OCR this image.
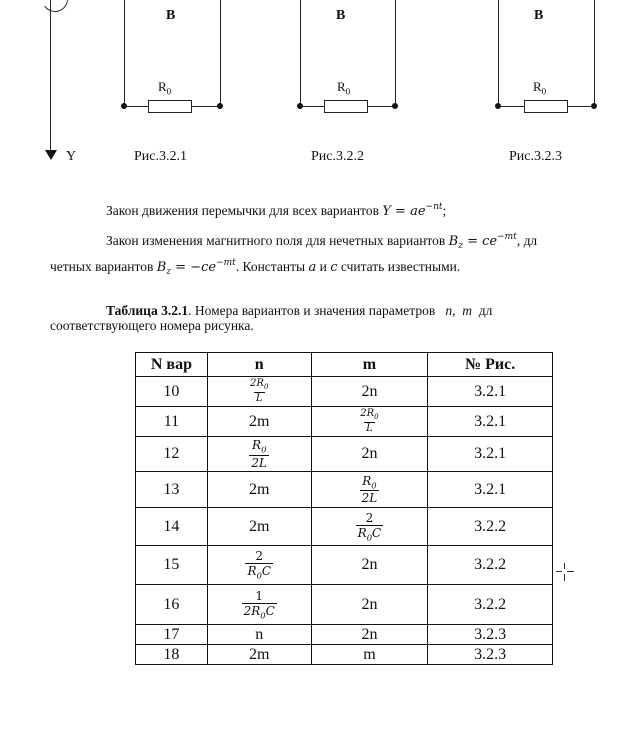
Y
B
$R_0$
Рис.3.2.1
B
$R_0$
Рис.3.2.2
B
$R_0$
Рис.3.2.3
Закон движения перемычки для всех вариантов $Y = ae^{-nt}$;
Закон изменения магнитного поля для нечетных вариантов $B_z = ce^{-mt}$, дл
четных вариантов $B_z = -ce^{-mt}$. Константы a и c считать известными.
Таблица 3.2.1. Номера вариантов и значения параметров n, m дл
соответствующего номера рисунка.
N вар	n	m	№ Рис.
10	$\frac{2R_0}{L}$	2n	3.2.1
11	2m	$\frac{2R_0}{L}$	3.2.1
12	$\frac{R_0}{2L}$	2n	3.2.1
13	2m	$\frac{R_0}{2L}$	3.2.1
14	2m	$\frac{2}{R_0C}$	3.2.2
15	$\frac{2}{R_0C}$	2n	3.2.2
16	$\frac{1}{2R_0C}$	2n	3.2.2
17	n	2n	3.2.3
18	2m	m	3.2.3
